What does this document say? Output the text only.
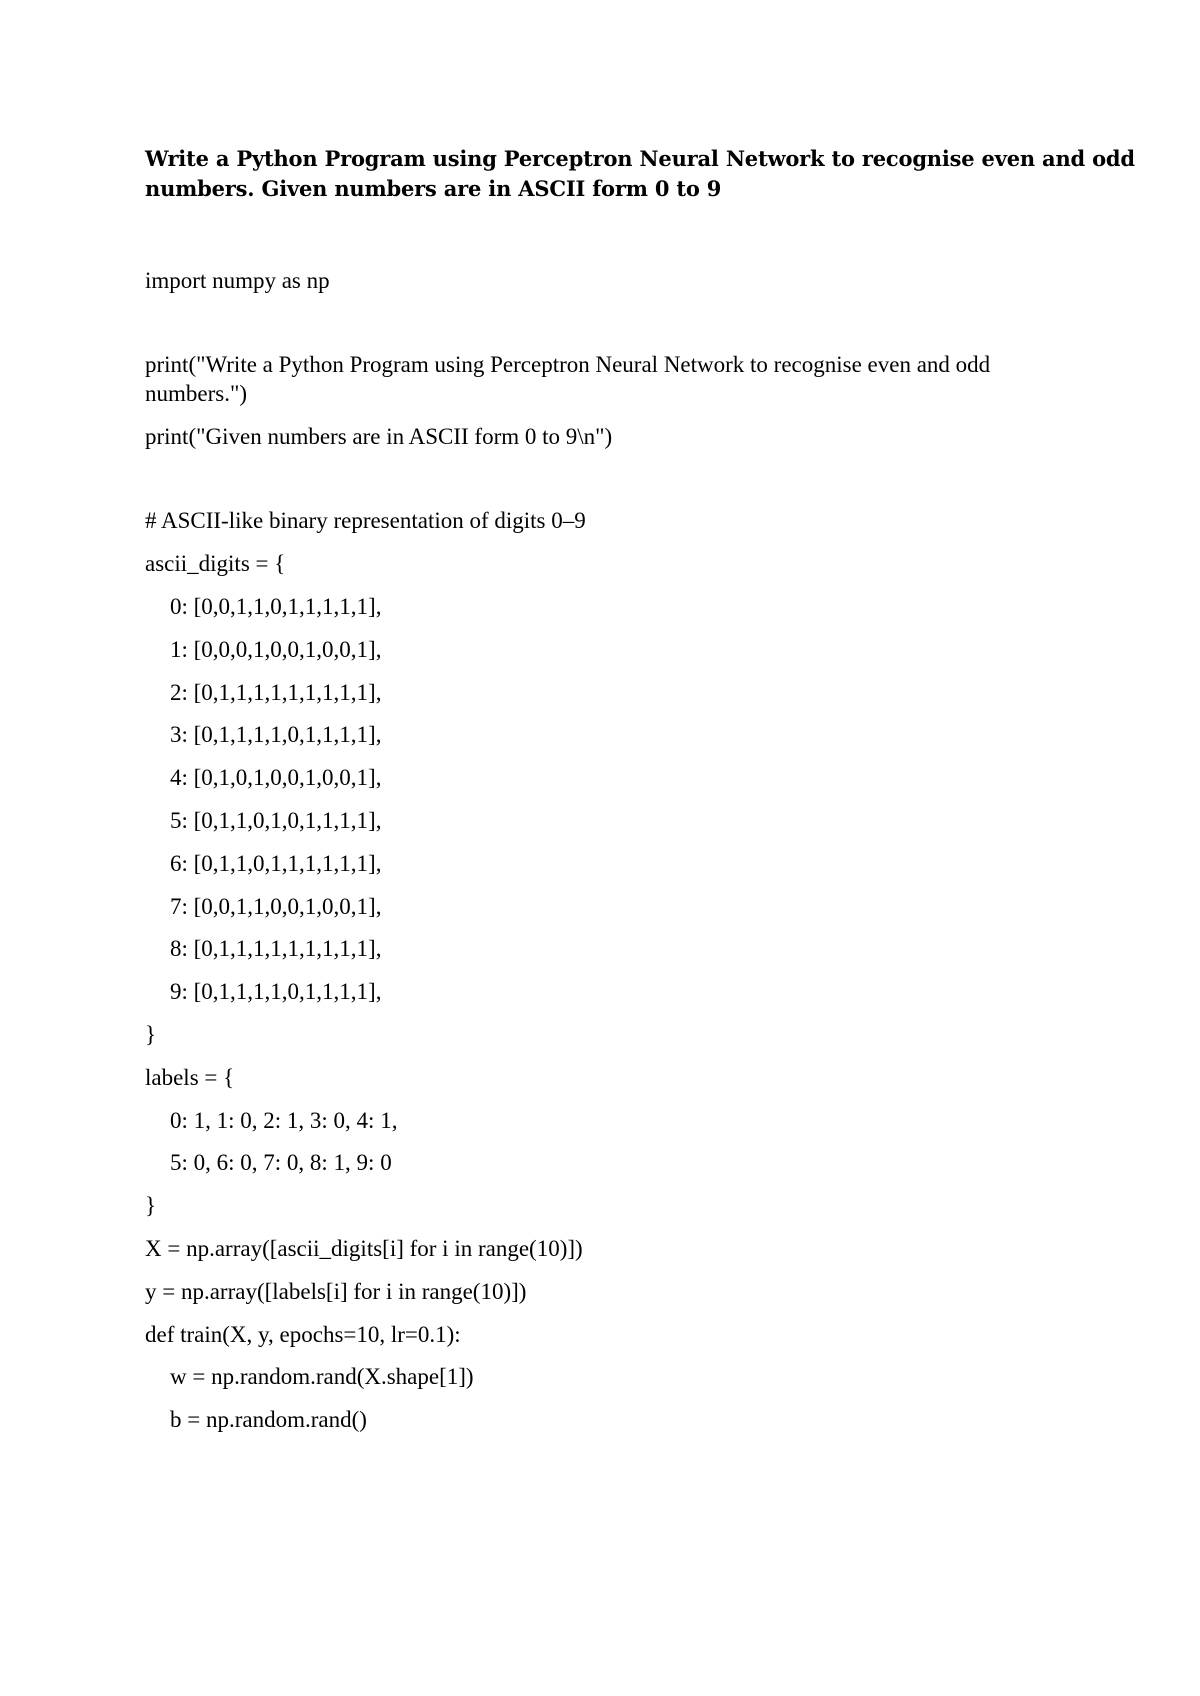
Write a Python Program using Perceptron Neural Network to recognise even and odd
numbers. Given numbers are in ASCII form 0 to 9
import numpy as np
print("Write a Python Program using Perceptron Neural Network to recognise even and odd
numbers.")
print("Given numbers are in ASCII form 0 to 9\n")
# ASCII-like binary representation of digits 0–9
ascii_digits = {
0: [0,0,1,1,0,1,1,1,1,1],
1: [0,0,0,1,0,0,1,0,0,1],
2: [0,1,1,1,1,1,1,1,1,1],
3: [0,1,1,1,1,0,1,1,1,1],
4: [0,1,0,1,0,0,1,0,0,1],
5: [0,1,1,0,1,0,1,1,1,1],
6: [0,1,1,0,1,1,1,1,1,1],
7: [0,0,1,1,0,0,1,0,0,1],
8: [0,1,1,1,1,1,1,1,1,1],
9: [0,1,1,1,1,0,1,1,1,1],
}
labels = {
0: 1, 1: 0, 2: 1, 3: 0, 4: 1,
5: 0, 6: 0, 7: 0, 8: 1, 9: 0
}
X = np.array([ascii_digits[i] for i in range(10)])
y = np.array([labels[i] for i in range(10)])
def train(X, y, epochs=10, lr=0.1):
w = np.random.rand(X.shape[1])
b = np.random.rand()
